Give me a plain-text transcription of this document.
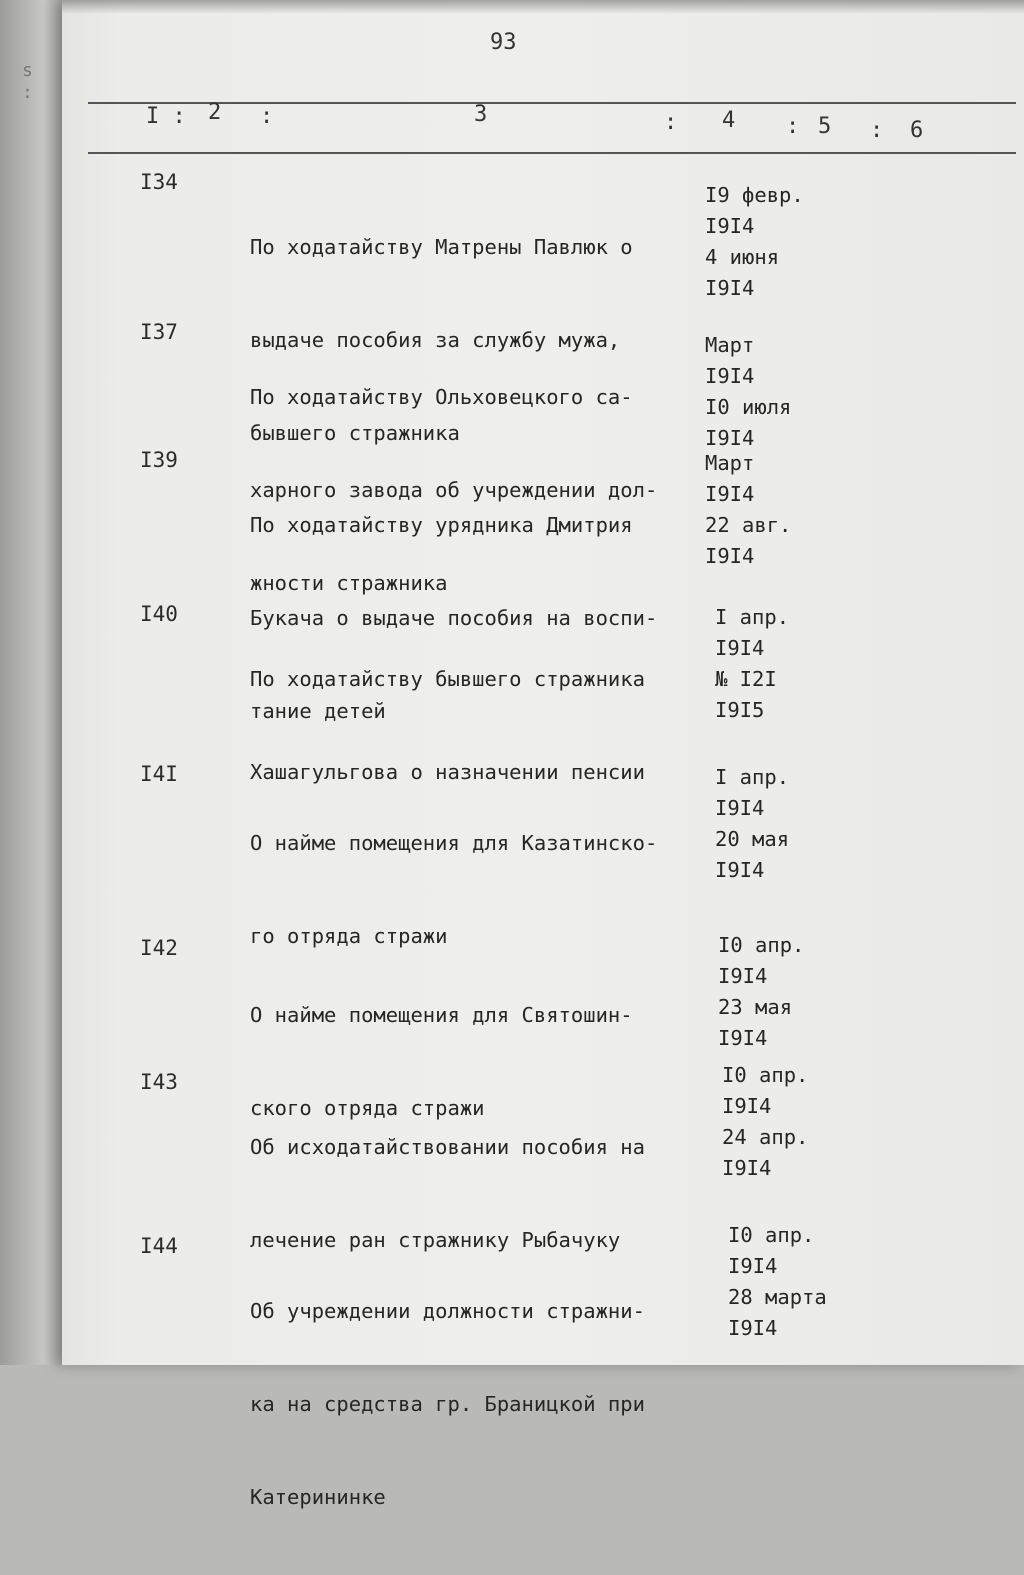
s
:
93
I : 2 :	3	: 4 : 5 : 6
I34

По ходатайству Матрены Павлюк о

выдаче пособия за службу мужа,

бывшего стражника

I9 февр.
I9I4
4 июня
I9I4
I37

По ходатайству Ольховецкого са-

харного завода об учреждении дол-

жности стражника

Март
I9I4
I0 июля
I9I4
I39

По ходатайству урядника Дмитрия

Букача о выдаче пособия на воспи-

тание детей

Март
I9I4
22 авг.
I9I4
I40

По ходатайству бывшего стражника

Хашагульгова о назначении пенсии

I апр.
I9I4
№ I2I
I9I5
I4I

О найме помещения для Казатинско-

го отряда стражи

I апр.
I9I4
20 мая
I9I4
I42

О найме помещения для Святошин-

ского отряда стражи

I0 апр.
I9I4
23 мая
I9I4
I43

Об исходатайствовании пособия на

лечение ран стражнику Рыбачуку

I0 апр.
I9I4
24 апр.
I9I4
I44

Об учреждении должности стражни-

ка на средства гр. Браницкой при

Катерининке

I0 апр.
I9I4
28 марта
I9I4
